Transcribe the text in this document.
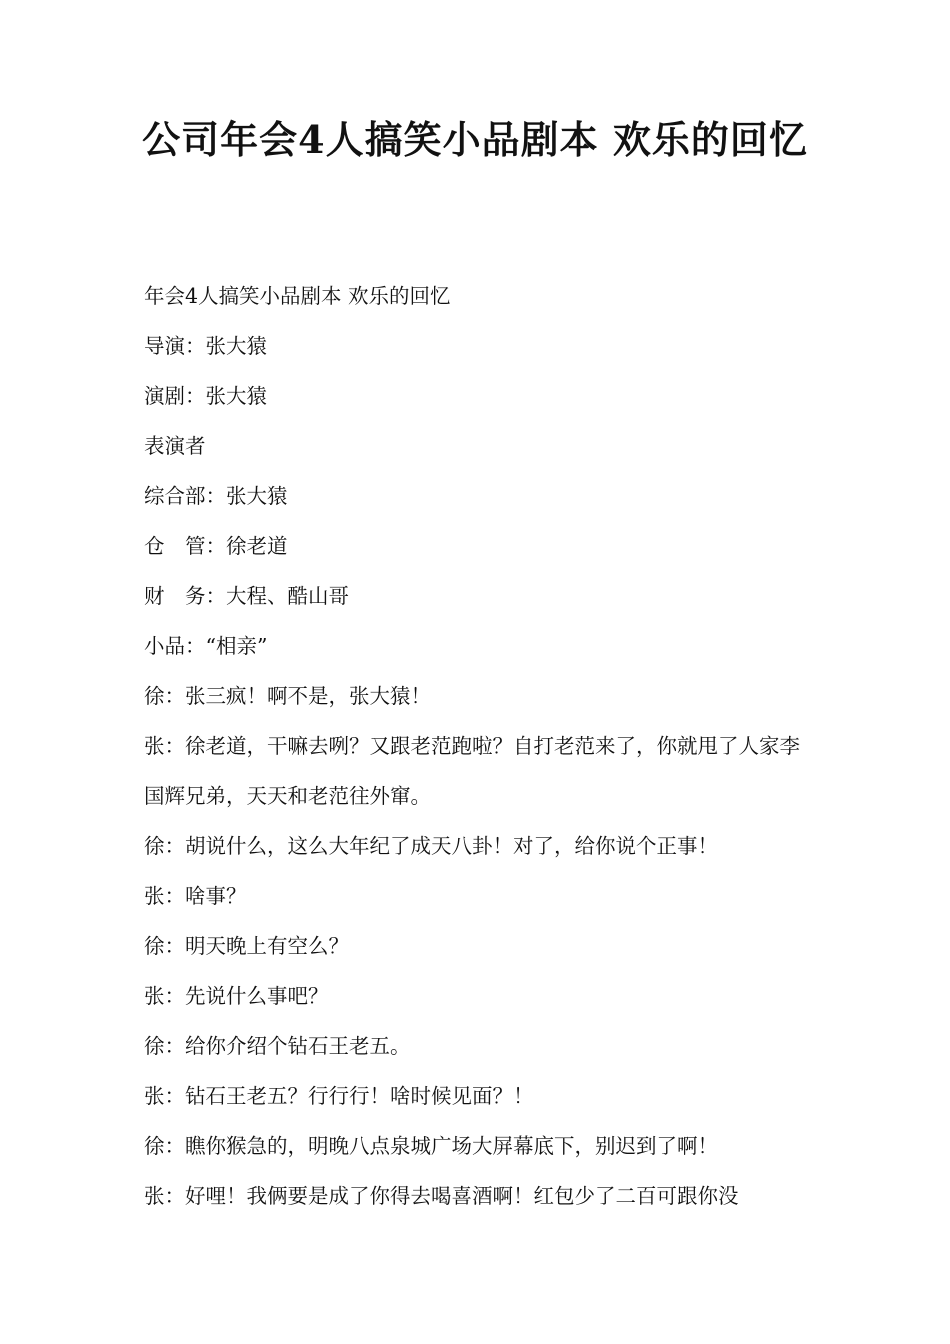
公司年会4人搞笑小品剧本 欢乐的回忆

年会4人搞笑小品剧本 欢乐的回忆

导演：张大猿

演剧：张大猿

表演者

综合部：张大猿

仓　管：徐老道

财　务：大程、酷山哥

小品：“相亲”

徐：张三疯！啊不是，张大猿！

张：徐老道，干嘛去咧？又跟老范跑啦？自打老范来了，你就甩了人家李国辉兄弟，天天和老范往外窜。

徐：胡说什么，这么大年纪了成天八卦！对了，给你说个正事！

张：啥事？

徐：明天晚上有空么？

张：先说什么事吧？

徐：给你介绍个钻石王老五。

张：钻石王老五？行行行！啥时候见面？！

徐：瞧你猴急的，明晚八点泉城广场大屏幕底下，别迟到了啊！

张：好哩！我俩要是成了你得去喝喜酒啊！红包少了二百可跟你没
